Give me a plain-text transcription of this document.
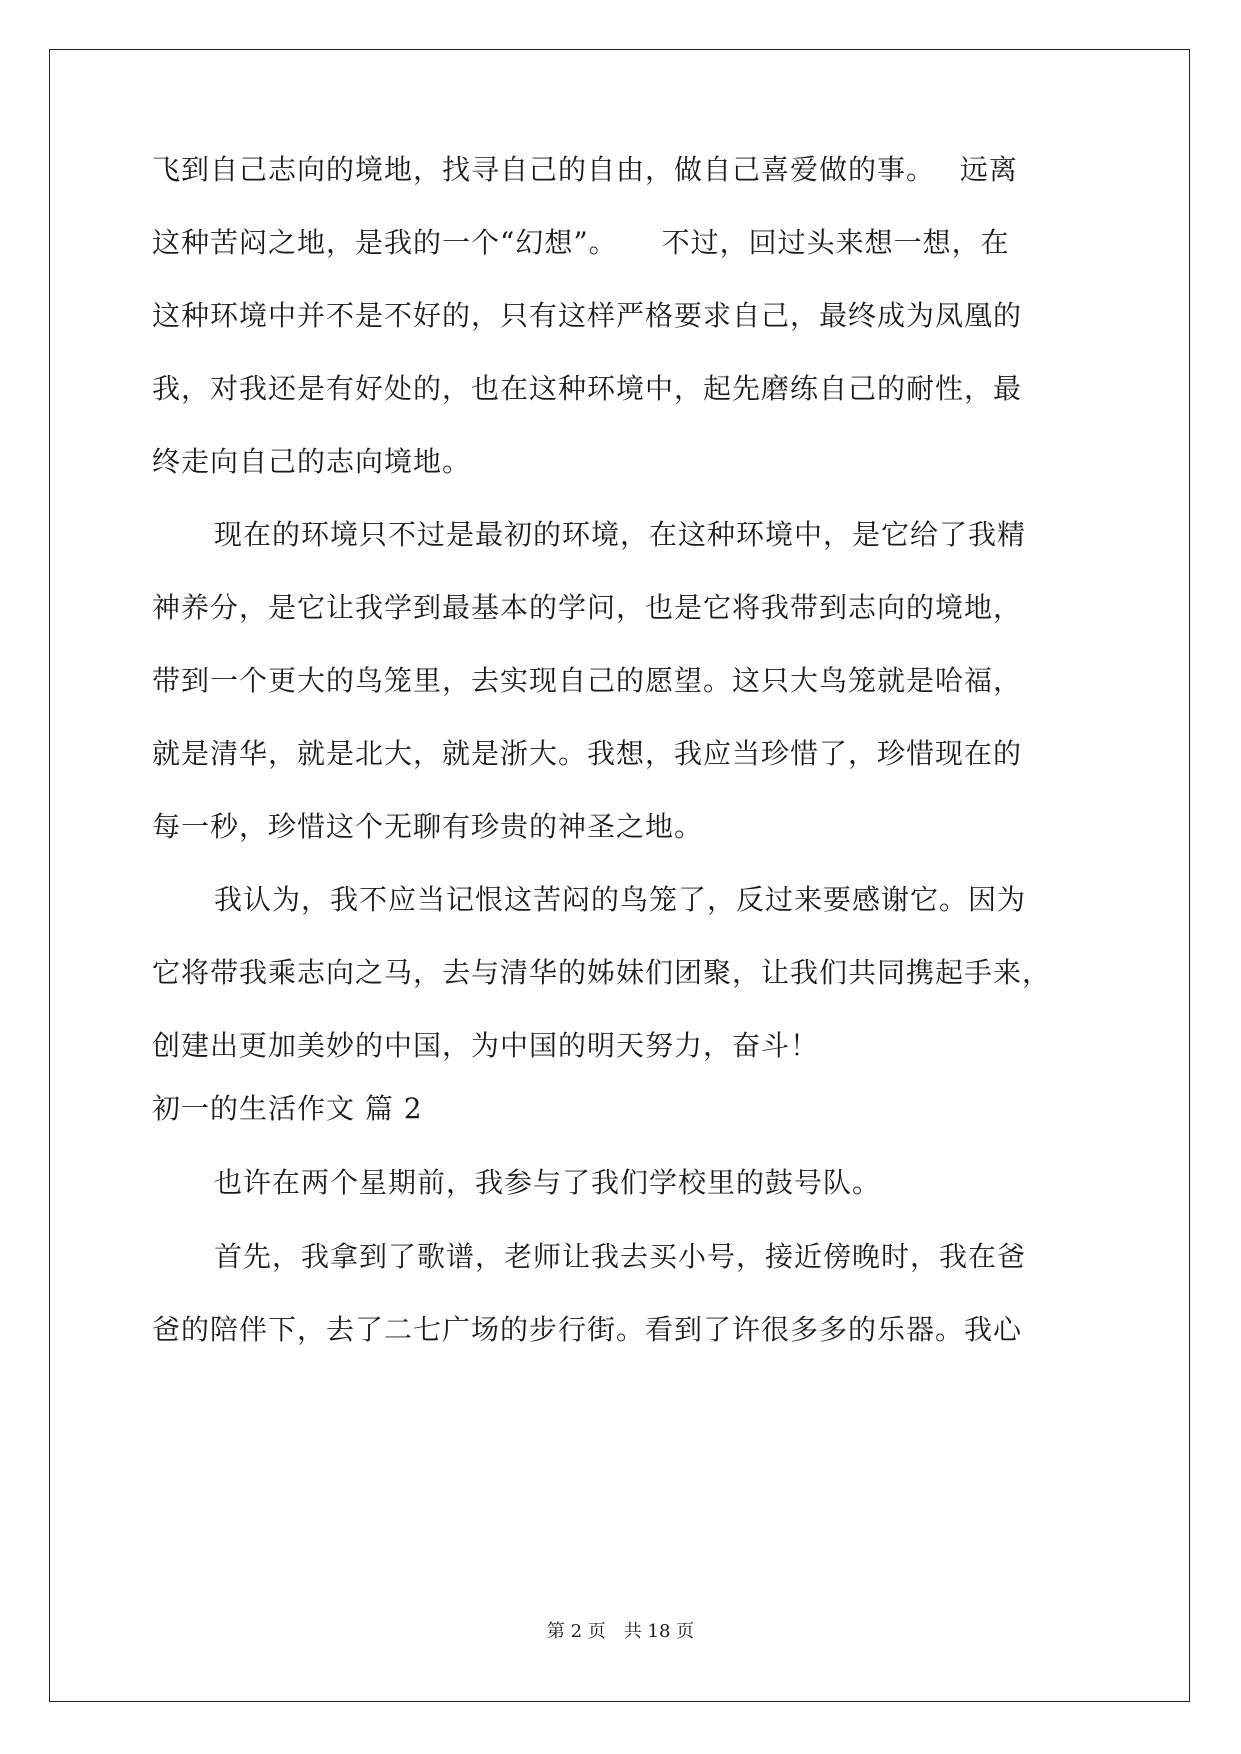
飞到自己志向的境地，找寻自己的自由，做自己喜爱做的事。　 远离
这种苦闷之地，是我的一个“幻想”。　　不过，回过头来想一想，在
这种环境中并不是不好的，只有这样严格要求自己，最终成为凤凰的
我，对我还是有好处的，也在这种环境中，起先磨练自己的耐性，最
终走向自己的志向境地。
现在的环境只不过是最初的环境，在这种环境中，是它给了我精
神养分，是它让我学到最基本的学问，也是它将我带到志向的境地，
带到一个更大的鸟笼里，去实现自己的愿望。这只大鸟笼就是哈福，
就是清华，就是北大，就是浙大。我想，我应当珍惜了，珍惜现在的
每一秒，珍惜这个无聊有珍贵的神圣之地。
我认为，我不应当记恨这苦闷的鸟笼了，反过来要感谢它。因为
它将带我乘志向之马，去与清华的姊妹们团聚，让我们共同携起手来，
创建出更加美妙的中国，为中国的明天努力，奋斗！
初一的生活作文 篇 2
也许在两个星期前，我参与了我们学校里的鼓号队。
首先，我拿到了歌谱，老师让我去买小号，接近傍晚时，我在爸
爸的陪伴下，去了二七广场的步行街。看到了许很多多的乐器。我心
第 2 页　共 18 页
